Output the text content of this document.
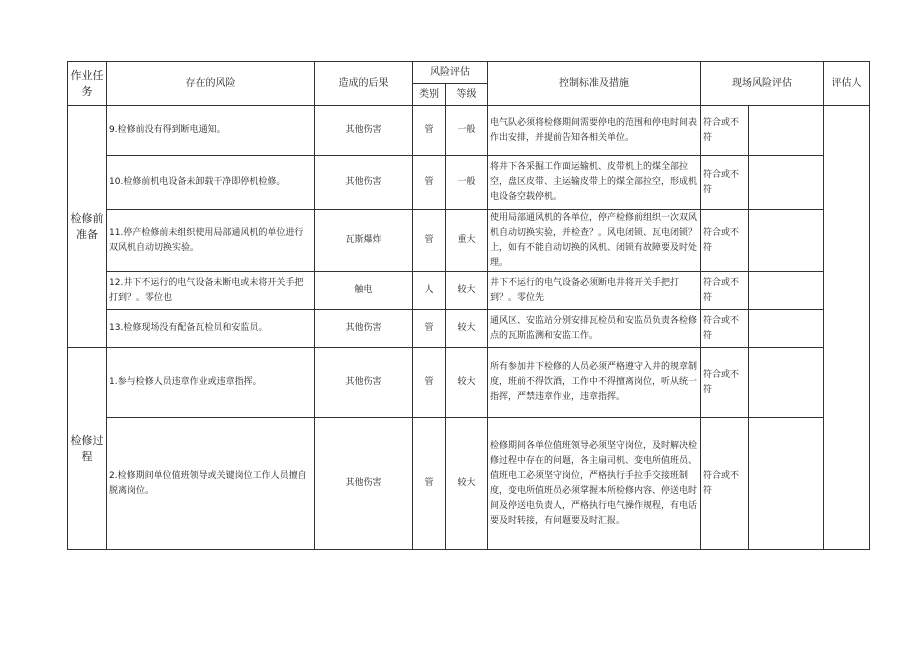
作业任务	存在的风险	造成的后果	风险评估		控制标准及措施	现场风险评估		评估人
			类别	等级				
检修前准备	9.检修前没有得到断电通知。	其他伤害	管	一般	电气队必须将检修期间需要停电的范围和停电时间表作出安排，并提前告知各相关单位。	符合或不符		
	10.检修前机电设备未卸载干净即停机检修。	其他伤害	管	一般	将井下各采掘工作面运输机、皮带机上的煤全部拉空，盘区皮带、主运输皮带上的煤全部拉空，形成机电设备空载停机。	符合或不符		
	11.停产检修前未组织使用局部通风机的单位进行双风机自动切换实验。	瓦斯爆炸	管	重大	使用局部通风机的各单位，停产检修前组织一次双风机自动切换实验，并检查？。风电闭锁、瓦电闭锁？上，如有不能自动切换的风机、闭锁有故障要及时处理。	符合或不符		
	12.井下不运行的电气设备未断电或未将开关手把打到？。零位也	触电	人	较大	井下不运行的电气设备必须断电井将开关手把打到？。零位先	符合或不符		
	13.检修现场没有配备瓦检员和安监员。	其他伤害	管	较大	通风区、安监站分别安排瓦检员和安监员负责各检修点的瓦斯监测和安监工作。	符合或不符		
检修过程	1.参与检修人员违章作业或违章指挥。	其他伤害	管	较大	所有参加井下检修的人员必须严格遵守入井的规章制度，班前不得饮酒，工作中不得擅离岗位，听从统一指挥，严禁违章作业，违章指挥。	符合或不符		
	2.检修期间单位值班领导或关键岗位工作人员擅自脱离岗位。	其他伤害	管	较大	检修期间各单位值班领导必须坚守岗位，及时解决检修过程中存在的问题，各主扇司机、变电所值班员、值班电工必须坚守岗位，严格执行手拉手交接班制度，变电所值班员必须掌握本所检修内容、停送电时间及停送电负责人，严格执行电气操作规程，有电话要及时转接，有问题要及时汇报。	符合或不符		
